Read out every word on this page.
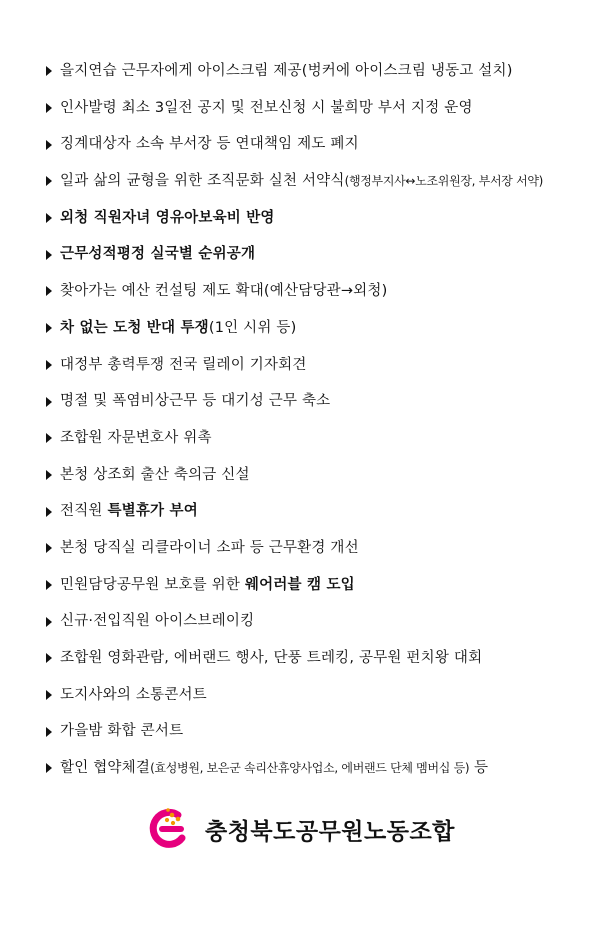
을지연습 근무자에게 아이스크림 제공(벙커에 아이스크림 냉동고 설치)
인사발령 최소 3일전 공지 및 전보신청 시 불희망 부서 지정 운영
징계대상자 소속 부서장 등 연대책임 제도 폐지
일과 삶의 균형을 위한 조직문화 실천 서약식(행정부지사↔노조위원장, 부서장 서약)
외청 직원자녀 영유아보육비 반영
근무성적평정 실국별 순위공개
찾아가는 예산 컨설팅 제도 확대(예산담당관→외청)
차 없는 도청 반대 투쟁(1인 시위 등)
대정부 총력투쟁 전국 릴레이 기자회견
명절 및 폭염비상근무 등 대기성 근무 축소
조합원 자문변호사 위촉
본청 상조회 출산 축의금 신설
전직원 특별휴가 부여
본청 당직실 리클라이너 소파 등 근무환경 개선
민원담당공무원 보호를 위한 웨어러블 캠 도입
신규·전입직원 아이스브레이킹
조합원 영화관람, 에버랜드 행사, 단풍 트레킹, 공무원 펀치왕 대회
도지사와의 소통콘서트
가을밤 화합 콘서트
할인 협약체결(효성병원, 보은군 속리산휴양사업소, 에버랜드 단체 멤버십 등) 등
충청북도공무원노동조합
